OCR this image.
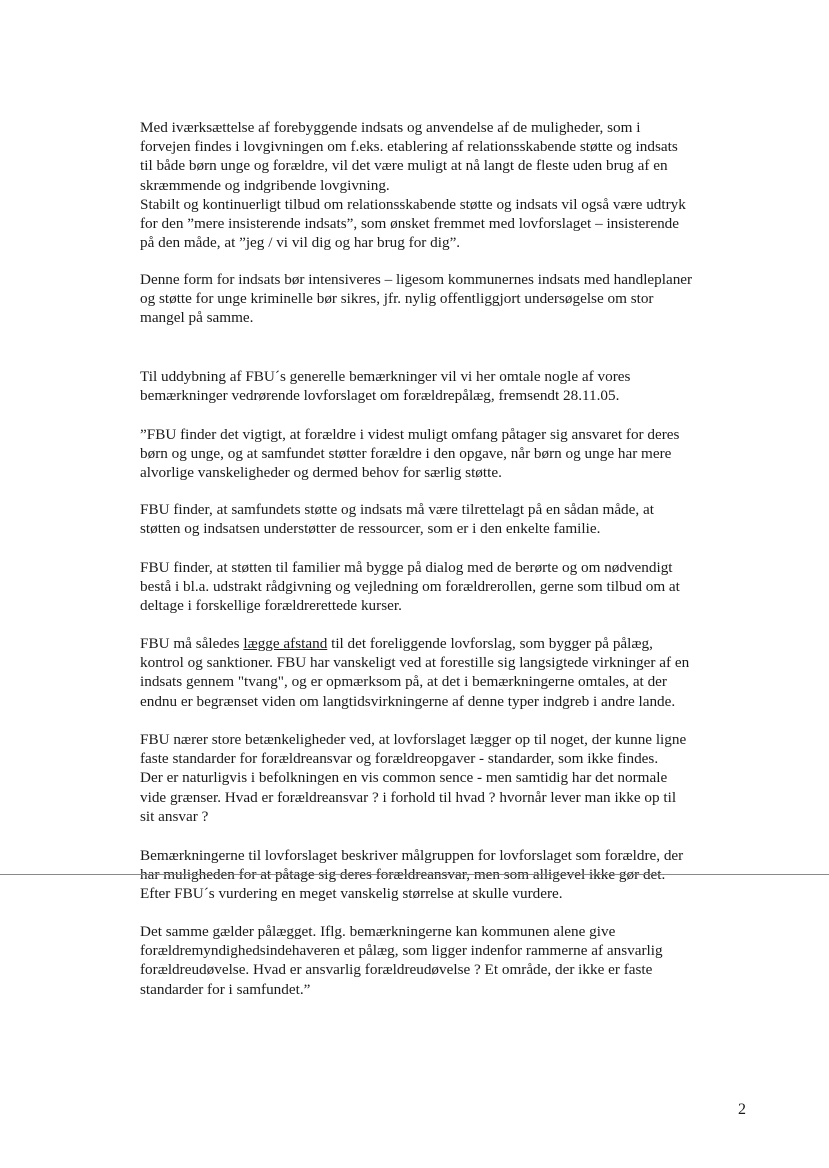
Med iværksættelse af forebyggende indsats og anvendelse af de muligheder, som i
forvejen findes i lovgivningen om f.eks. etablering af relationsskabende støtte og indsats
til både børn unge og forældre, vil det være muligt at nå langt de fleste uden brug af en
skræmmende og indgribende lovgivning.
Stabilt og kontinuerligt tilbud om relationsskabende støtte og indsats vil også være udtryk
for den ”mere insisterende indsats”, som ønsket fremmet med lovforslaget – insisterende
på den måde, at ”jeg / vi vil dig og har brug for dig”.

Denne form for indsats bør intensiveres – ligesom kommunernes indsats med handleplaner
og støtte for unge kriminelle bør sikres, jfr. nylig offentliggjort undersøgelse om stor
mangel på samme.

Til uddybning af FBU´s generelle bemærkninger vil vi her omtale nogle af vores
bemærkninger vedrørende lovforslaget om forældrepålæg, fremsendt 28.11.05.

”FBU finder det vigtigt, at forældre i videst muligt omfang påtager sig ansvaret for deres
børn og unge, og at samfundet støtter forældre i den opgave, når børn og unge har mere
alvorlige vanskeligheder og dermed behov for særlig støtte.

FBU finder, at samfundets støtte og indsats må være tilrettelagt på en sådan måde, at
støtten og indsatsen understøtter de ressourcer, som er i den enkelte familie.

FBU finder, at støtten til familier må bygge på dialog med de berørte og om nødvendigt
bestå i bl.a. udstrakt rådgivning og vejledning om forældrerollen, gerne som tilbud om at
deltage i forskellige forældrerettede kurser.

FBU må således lægge afstand til det foreliggende lovforslag, som bygger på pålæg,
kontrol og sanktioner. FBU har vanskeligt ved at forestille sig langsigtede virkninger af en
indsats gennem "tvang", og er opmærksom på, at det i bemærkningerne omtales, at der
endnu er begrænset viden om langtidsvirkningerne af denne typer indgreb i andre lande.

FBU nærer store betænkeligheder ved, at lovforslaget lægger op til noget, der kunne ligne
faste standarder for forældreansvar og forældreopgaver - standarder, som ikke findes.
Der er naturligvis i befolkningen en vis common sence - men samtidig har det normale
vide grænser. Hvad er forældreansvar ? i forhold til hvad ? hvornår lever man ikke op til
sit ansvar ?

Bemærkningerne til lovforslaget beskriver målgruppen for lovforslaget som forældre, der
har muligheden for at påtage sig deres forældreansvar, men som alligevel ikke gør det.
Efter FBU´s vurdering en meget vanskelig størrelse at skulle vurdere.

Det samme gælder pålægget. Iflg. bemærkningerne kan kommunen alene give
forældremyndighedsindehaveren et pålæg, som ligger indenfor rammerne af ansvarlig
forældreudøvelse. Hvad er ansvarlig forældreudøvelse ? Et område, der ikke er faste
standarder for i samfundet.”

2
